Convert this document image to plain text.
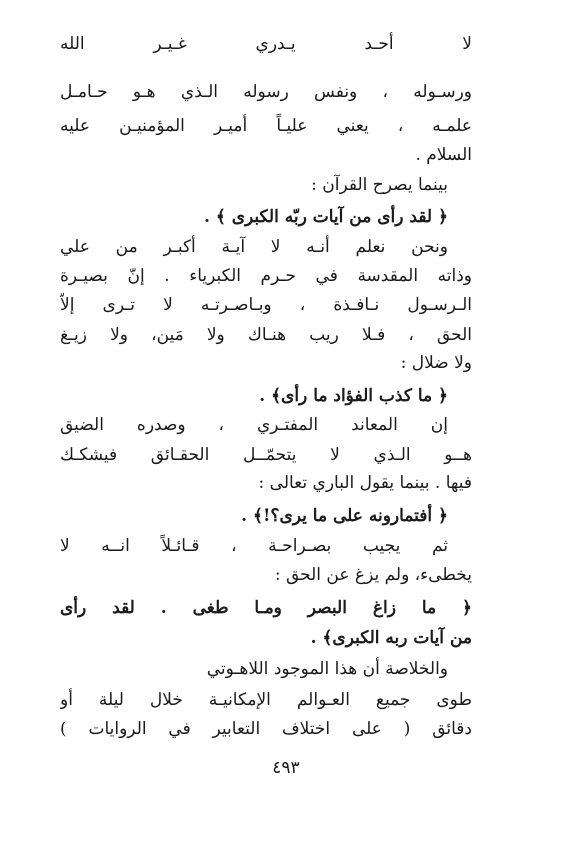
لا أحـد يـدري غـيـر الله
ورسـوله ، ونفس رسوله الـذي هـو حـامـل
علمـه ، يعني عليـاً أميـر المؤمنيـن عليه
السلام .
بينما يصرح القرآن :
﴿ لقد رأى من آيات ربّه الكبرى ﴾ .
ونحن نعلم أنـه لا آيـة أكبـر من علي
وذاته المقدسة في حـرم الكبرياء . إنّ بصيـرة
الـرسـول نـافـذة ، وبـاصـرتـه لا تـرى إلاّ
الحق ، فـلا ريب هنـاك ولا مَين، ولا زيـغ
ولا ضلال :
﴿ ما كذب الفؤاد ما رأى﴾ .
إن المعاند المفتـري ، وصدره الضيق
هــو الـذي لا يتحمّــل الحقـائق فيشكـك
فيها . بينما يقول الباري تعالى :
﴿ أفتمارونه على ما يرى؟!﴾ .
ثم يجيب بصـراحـة ، قـائـلاً انــه لا
يخطىء، ولم يزغ عن الحق :
﴿ ما زاغ البصر ومـا طغى . لقد رأى
من آيات ربه الكبرى﴾ .
والخلاصة أن هذا الموجود اللاهـوتي
طوى جميع العـوالم الإمكانيـة خلال ليلة أو
دقائق ( على اختلاف التعابير في الروايات )
٤٩٣
